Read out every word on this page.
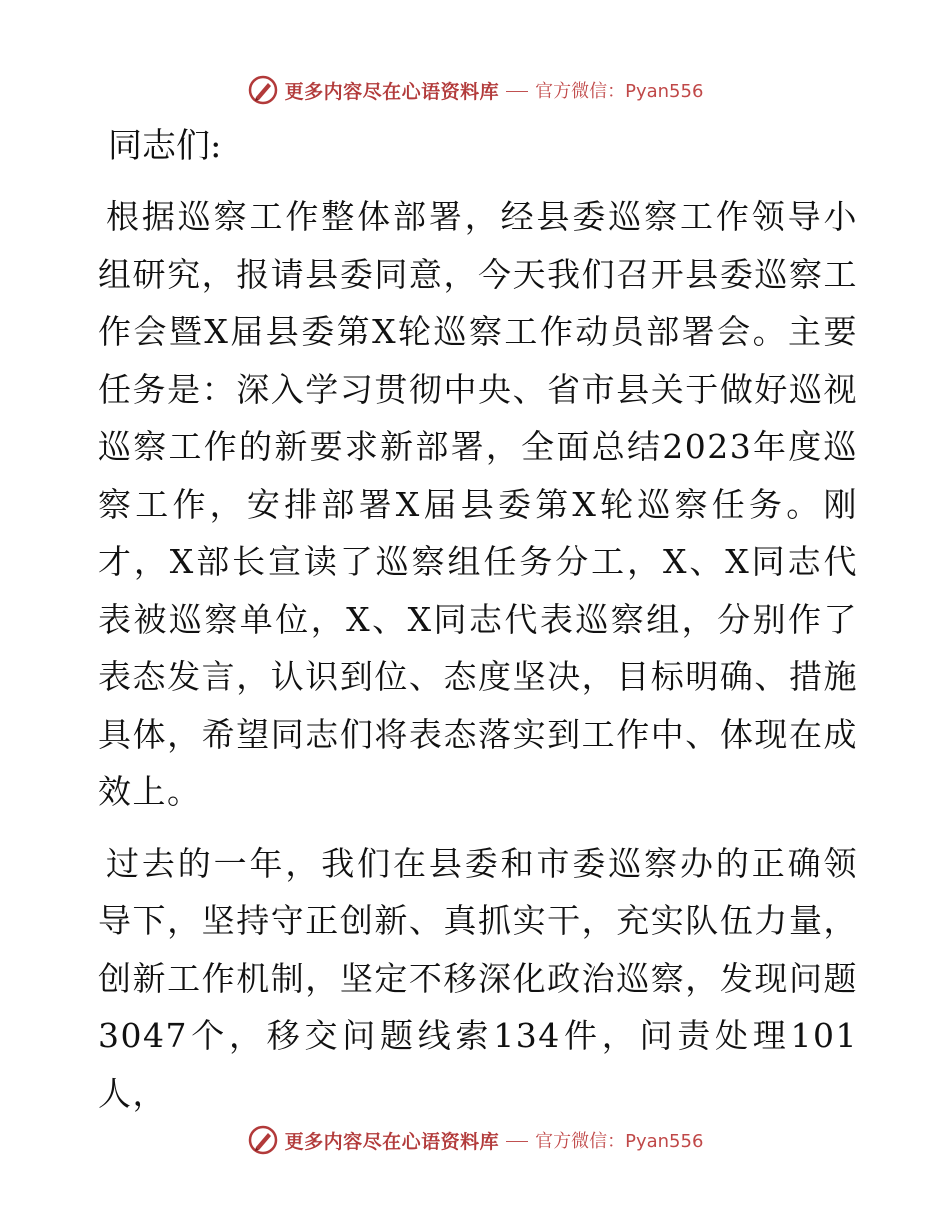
更多内容尽在心语资料库 官方微信：Pyan556
同志们:

根据巡察工作整体部署，经县委巡察工作领导小组研究，报请县委同意，今天我们召开县委巡察工作会暨X届县委第X轮巡察工作动员部署会。主要任务是：深入学习贯彻中央、省市县关于做好巡视巡察工作的新要求新部署，全面总结2023年度巡察工作，安排部署X届县委第X轮巡察任务。刚才，X部长宣读了巡察组任务分工，X、X同志代表被巡察单位，X、X同志代表巡察组，分别作了表态发言，认识到位、态度坚决，目标明确、措施具体，希望同志们将表态落实到工作中、体现在成效上。

过去的一年，我们在县委和市委巡察办的正确领导下，坚持守正创新、真抓实干，充实队伍力量，创新工作机制，坚定不移深化政治巡察，发现问题3047个，移交问题线索134件，问责处理101人，

更多内容尽在心语资料库 官方微信：Pyan556
